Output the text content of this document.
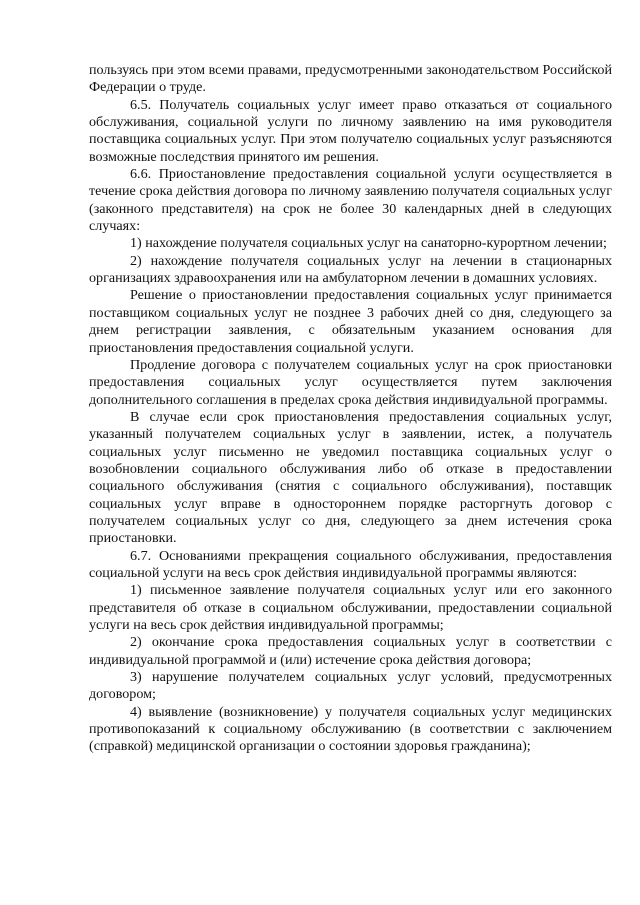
пользуясь при этом всеми правами, предусмотренными законодательством Российской Федерации о труде.

6.5. Получатель социальных услуг имеет право отказаться от социального обслуживания, социальной услуги по личному заявлению на имя руководителя поставщика социальных услуг. При этом получателю социальных услуг разъясняются возможные последствия принятого им решения.

6.6. Приостановление предоставления социальной услуги осуществляется в течение срока действия договора по личному заявлению получателя социальных услуг (законного представителя) на срок не более 30 календарных дней в следующих случаях:

1) нахождение получателя социальных услуг на санаторно-курортном лечении;

2) нахождение получателя социальных услуг на лечении в стационарных организациях здравоохранения или на амбулаторном лечении в домашних условиях.

Решение о приостановлении предоставления социальных услуг принимается поставщиком социальных услуг не позднее 3 рабочих дней со дня, следующего за днем регистрации заявления, с обязательным указанием основания для приостановления предоставления социальной услуги.

Продление договора с получателем социальных услуг на срок приостановки предоставления социальных услуг осуществляется путем заключения дополнительного соглашения в пределах срока действия индивидуальной программы.

В случае если срок приостановления предоставления социальных услуг, указанный получателем социальных услуг в заявлении, истек, а получатель социальных услуг письменно не уведомил поставщика социальных услуг о возобновлении социального обслуживания либо об отказе в предоставлении социального обслуживания (снятия с социального обслуживания), поставщик социальных услуг вправе в одностороннем порядке расторгнуть договор с получателем социальных услуг со дня, следующего за днем истечения срока приостановки.

6.7. Основаниями прекращения социального обслуживания, предоставления социальной услуги на весь срок действия индивидуальной программы являются:

1) письменное заявление получателя социальных услуг или его законного представителя об отказе в социальном обслуживании, предоставлении социальной услуги на весь срок действия индивидуальной программы;

2) окончание срока предоставления социальных услуг в соответствии с индивидуальной программой и (или) истечение срока действия договора;

3) нарушение получателем социальных услуг условий, предусмотренных договором;

4) выявление (возникновение) у получателя социальных услуг медицинских противопоказаний к социальному обслуживанию (в соответствии с заключением (справкой) медицинской организации о состоянии здоровья гражданина);
